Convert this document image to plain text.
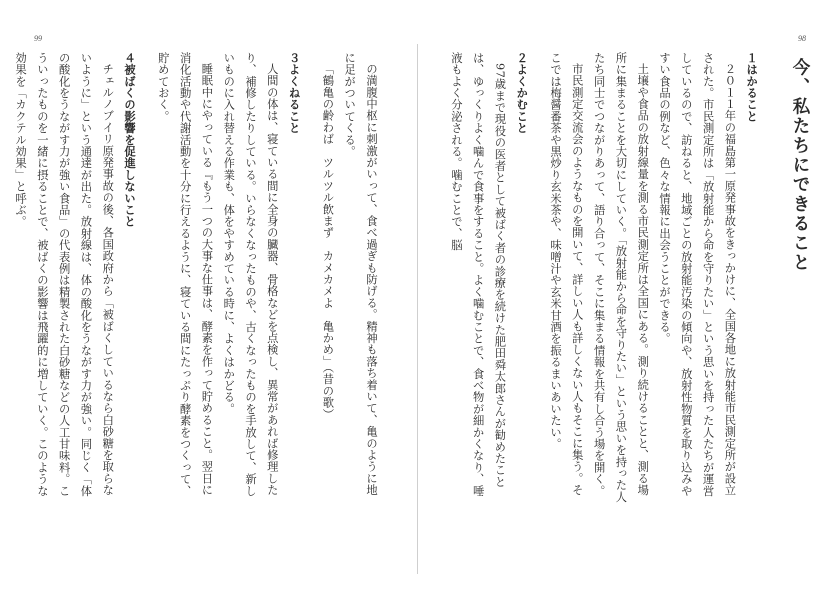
99	98
今、私たちにできること
１はかること

２０１１年の福島第一原発事故をきっかけに、全国各地に放射能市民測定所が設立された。市民測定所は「放射能から命を守りたい」という思いを持った人たちが運営しているので、訪ねると、地域ごとの放射能汚染の傾向や、放射性物質を取り込みやすい食品の例など、色々な情報に出会うことができる。

土壌や食品の放射線量を測る市民測定所は全国にある。測り続けることと、測る場所に集まることを大切にしていく。「放射能から命を守りたい」という思いを持った人たち同士でつながりあって、語り合って、そこに集まる情報を共有し合う場を開く。

市民測定交流会のようなものを開いて、詳しい人も詳しくない人もそこに集う。そこでは梅醤番茶や黒炒り玄米茶や、味噌汁や玄米甘酒を振るまいあいたい。

２よくかむこと

97歳まで現役の医者として被ばく者の診療を続けた肥田舜太郎さんが勧めたことは、ゆっくりよく噛んで食事をすること。よく噛むことで、食べ物が細かくなり、唾液もよく分泌される。噛むことで、脳

の満腹中枢に刺激がいって、食べ過ぎも防げる。精神も落ち着いて、亀のように地に足がついてくる。

「鶴亀の齢わば　ツルツル飲まず　カメカメよ　亀かめ」（昔の歌）

３よくねること

人間の体は、寝ている間に全身の臓器、骨格などを点検し、異常があれば修理したり、補修したりしている。いらなくなったものや、古くなったものを手放して、新しいものに入れ替える作業も、体をやすめている時に、よくはかどる。

睡眠中にやっている『もう一つの大事な仕事は、酵素を作って貯めること。翌日に消化活動や代謝活動を十分に行えるように、寝ている間にたっぷり酵素をつくって、貯めておく。

４被ばくの影響を促進しないこと

チェルノブイリ原発事故の後、各国政府から「被ばくしているなら白砂糖を取らないように」という通達が出た。放射線は、体の酸化をうながす力が強い。同じく「体の酸化をうながす力が強い食品」の代表例は精製された白砂糖などの人工甘味料。こういったものを一緒に摂ることで、被ばくの影響は飛躍的に増していく。このような効果を「カクテル効果」と呼ぶ。
